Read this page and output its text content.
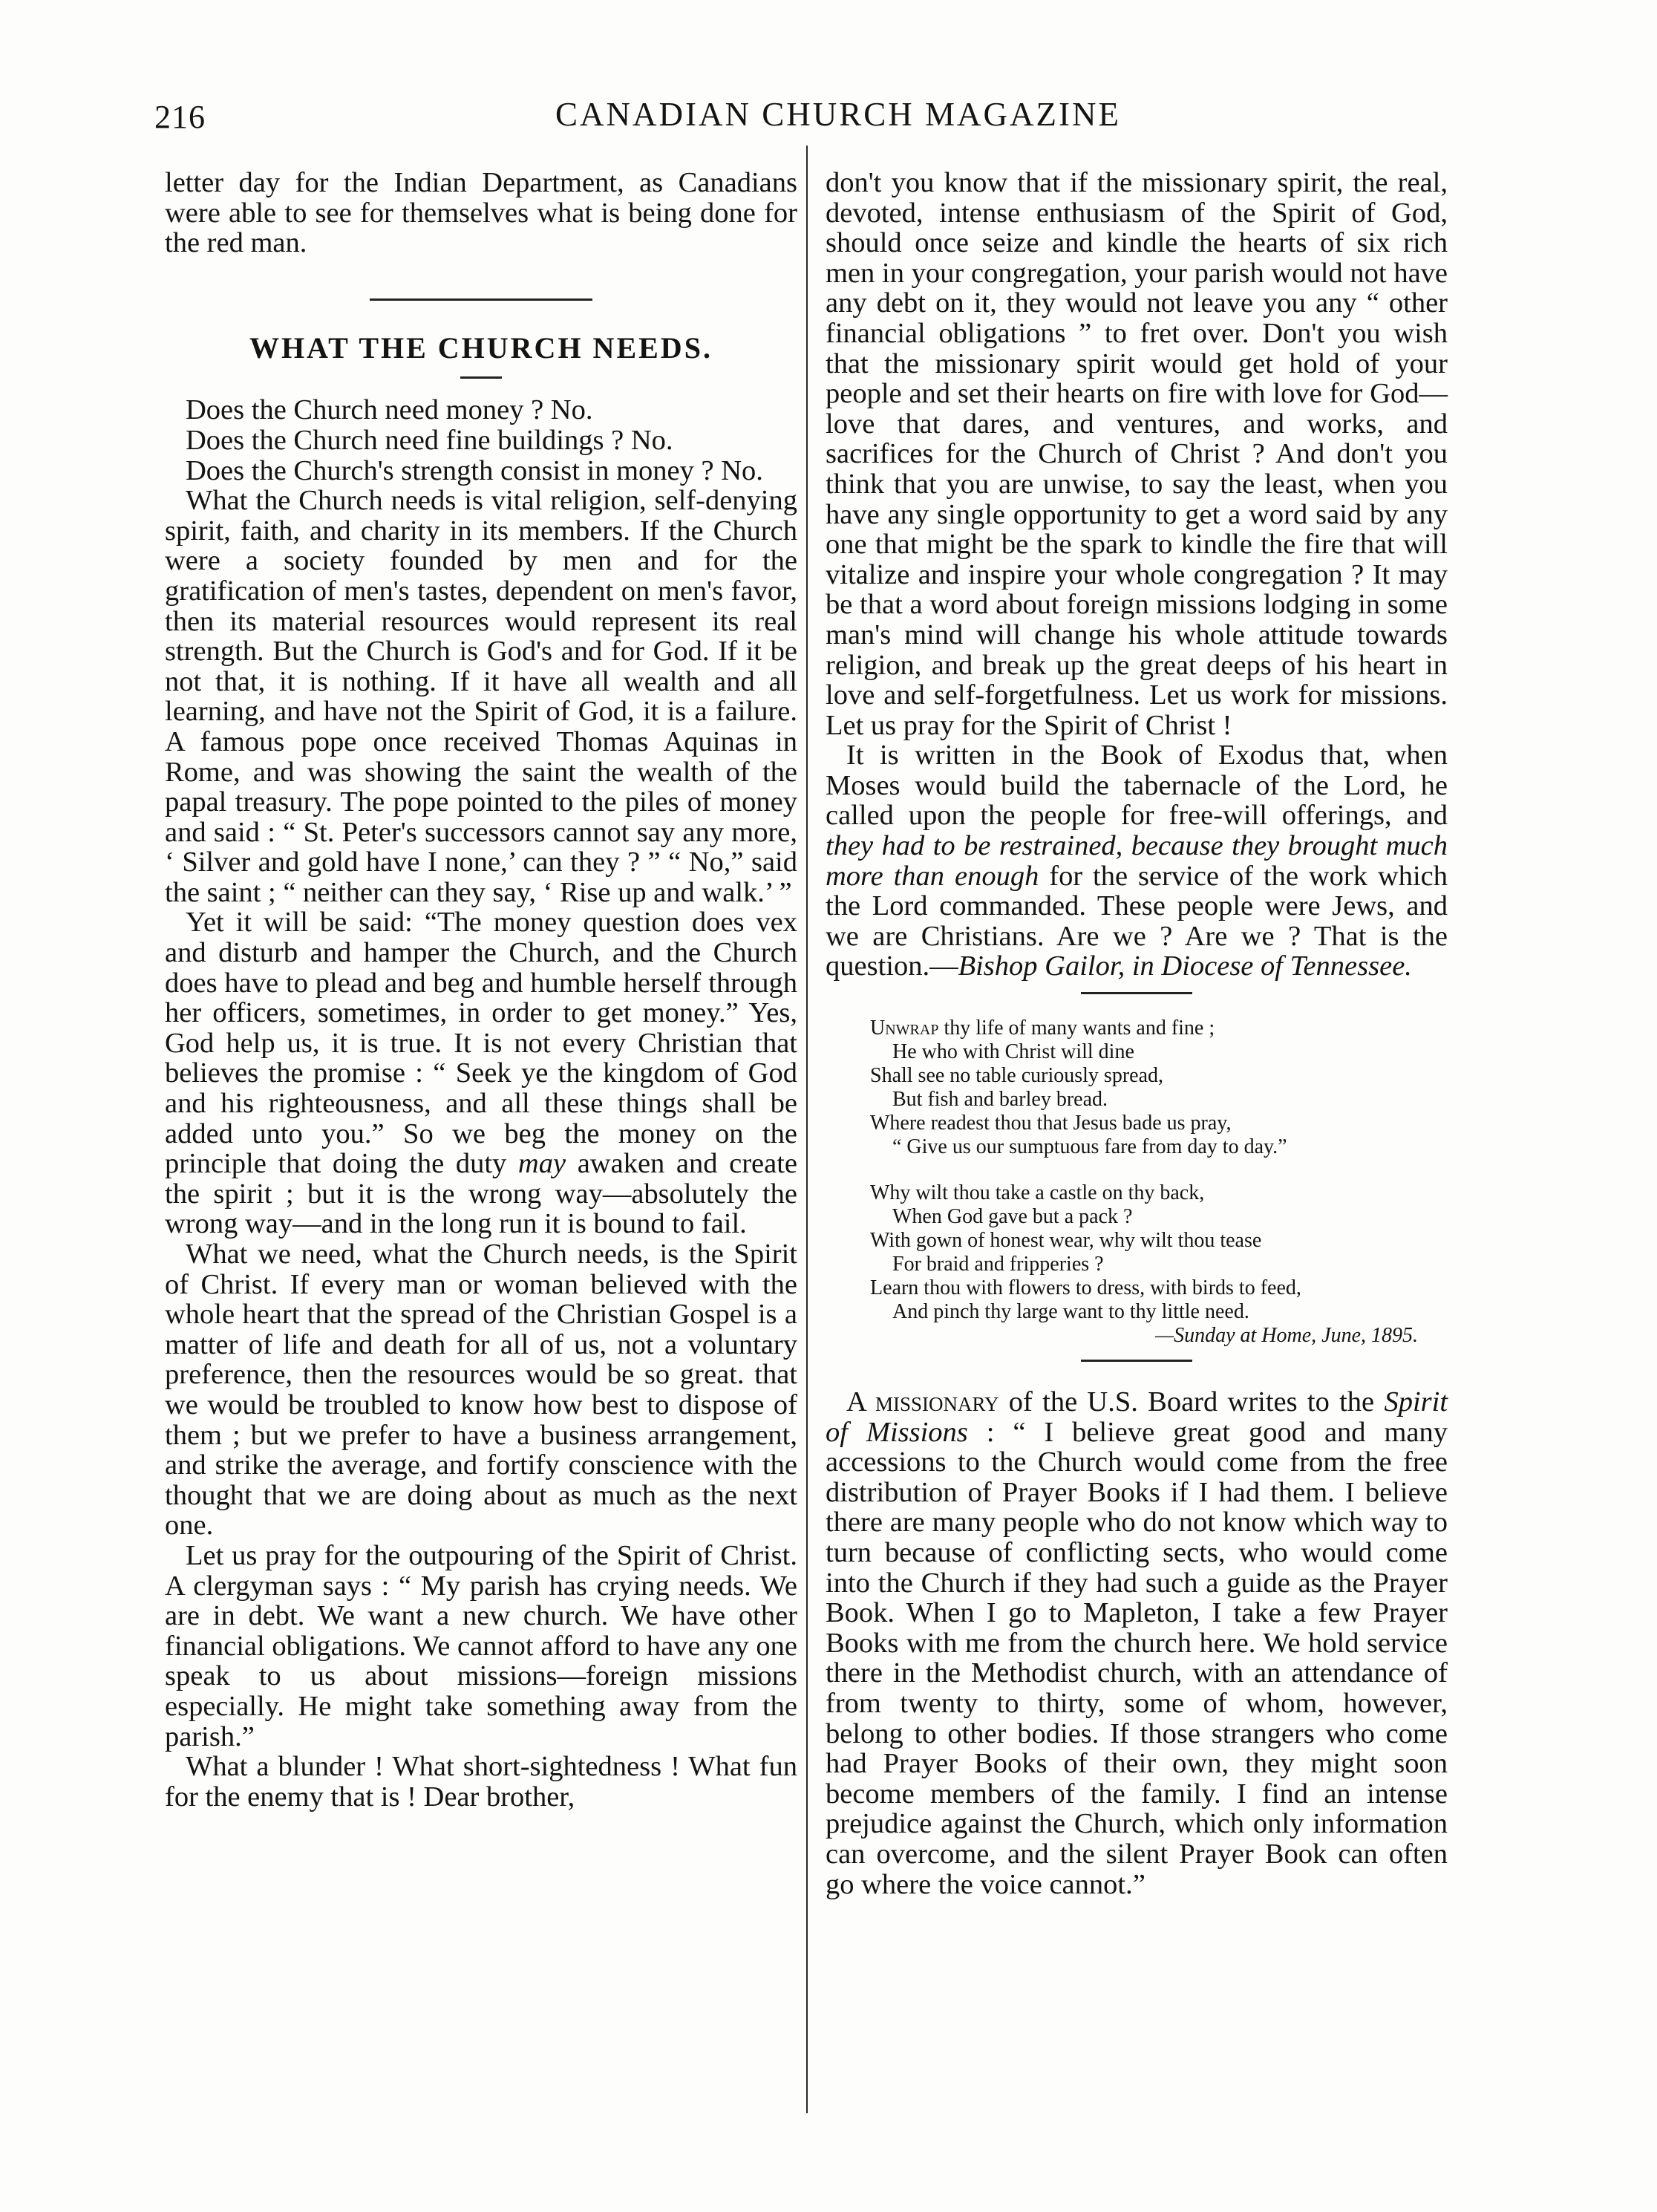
216	CANADIAN CHURCH MAGAZINE

letter day for the Indian Department, as Canadians were able to see for themselves what is being done for the red man.

WHAT THE CHURCH NEEDS.

Does the Church need money ? No.

Does the Church need fine buildings ? No.

Does the Church's strength consist in money ? No.

What the Church needs is vital religion, self-denying spirit, faith, and charity in its members. If the Church were a society founded by men and for the gratification of men's tastes, dependent on men's favor, then its material resources would represent its real strength. But the Church is God's and for God. If it be not that, it is nothing. If it have all wealth and all learning, and have not the Spirit of God, it is a failure. A famous pope once received Thomas Aquinas in Rome, and was showing the saint the wealth of the papal treasury. The pope pointed to the piles of money and said : “ St. Peter's successors cannot say any more, ‘ Silver and gold have I none,’ can they ? ” “ No,” said the saint ; “ neither can they say, ‘ Rise up and walk.’ ”

Yet it will be said: “The money question does vex and disturb and hamper the Church, and the Church does have to plead and beg and humble herself through her officers, sometimes, in order to get money.” Yes, God help us, it is true. It is not every Christian that believes the promise : “ Seek ye the kingdom of God and his righteousness, and all these things shall be added unto you.” So we beg the money on the principle that doing the duty may awaken and create the spirit ; but it is the wrong way—absolutely the wrong way—and in the long run it is bound to fail.

What we need, what the Church needs, is the Spirit of Christ. If every man or woman believed with the whole heart that the spread of the Christian Gospel is a matter of life and death for all of us, not a voluntary preference, then the resources would be so great. that we would be troubled to know how best to dispose of them ; but we prefer to have a business arrangement, and strike the average, and fortify conscience with the thought that we are doing about as much as the next one.

Let us pray for the outpouring of the Spirit of Christ. A clergyman says : “ My parish has crying needs. We are in debt. We want a new church. We have other financial obligations. We cannot afford to have any one speak to us about missions—foreign missions especially. He might take something away from the parish.”

What a blunder ! What short-sightedness ! What fun for the enemy that is ! Dear brother,

don't you know that if the missionary spirit, the real, devoted, intense enthusiasm of the Spirit of God, should once seize and kindle the hearts of six rich men in your congregation, your parish would not have any debt on it, they would not leave you any “ other financial obligations ” to fret over. Don't you wish that the missionary spirit would get hold of your people and set their hearts on fire with love for God—love that dares, and ventures, and works, and sacrifices for the Church of Christ ? And don't you think that you are unwise, to say the least, when you have any single opportunity to get a word said by any one that might be the spark to kindle the fire that will vitalize and inspire your whole congregation ? It may be that a word about foreign missions lodging in some man's mind will change his whole attitude towards religion, and break up the great deeps of his heart in love and self-forgetfulness. Let us work for missions. Let us pray for the Spirit of Christ !

It is written in the Book of Exodus that, when Moses would build the tabernacle of the Lord, he called upon the people for free-will offerings, and they had to be restrained, because they brought much more than enough for the service of the work which the Lord commanded. These people were Jews, and we are Christians. Are we ? Are we ? That is the question.—Bishop Gailor, in Diocese of Tennessee.

Unwrap thy life of many wants and fine ;
He who with Christ will dine
Shall see no table curiously spread,
But fish and barley bread.
Where readest thou that Jesus bade us pray,
“ Give us our sumptuous fare from day to day.”
Why wilt thou take a castle on thy back,
When God gave but a pack ?
With gown of honest wear, why wilt thou tease
For braid and fripperies ?
Learn thou with flowers to dress, with birds to feed,
And pinch thy large want to thy little need.
—Sunday at Home, June, 1895.

A missionary of the U.S. Board writes to the Spirit of Missions : “ I believe great good and many accessions to the Church would come from the free distribution of Prayer Books if I had them. I believe there are many people who do not know which way to turn because of conflicting sects, who would come into the Church if they had such a guide as the Prayer Book. When I go to Mapleton, I take a few Prayer Books with me from the church here. We hold service there in the Methodist church, with an attendance of from twenty to thirty, some of whom, however, belong to other bodies. If those strangers who come had Prayer Books of their own, they might soon become members of the family. I find an intense prejudice against the Church, which only information can overcome, and the silent Prayer Book can often go where the voice cannot.”
